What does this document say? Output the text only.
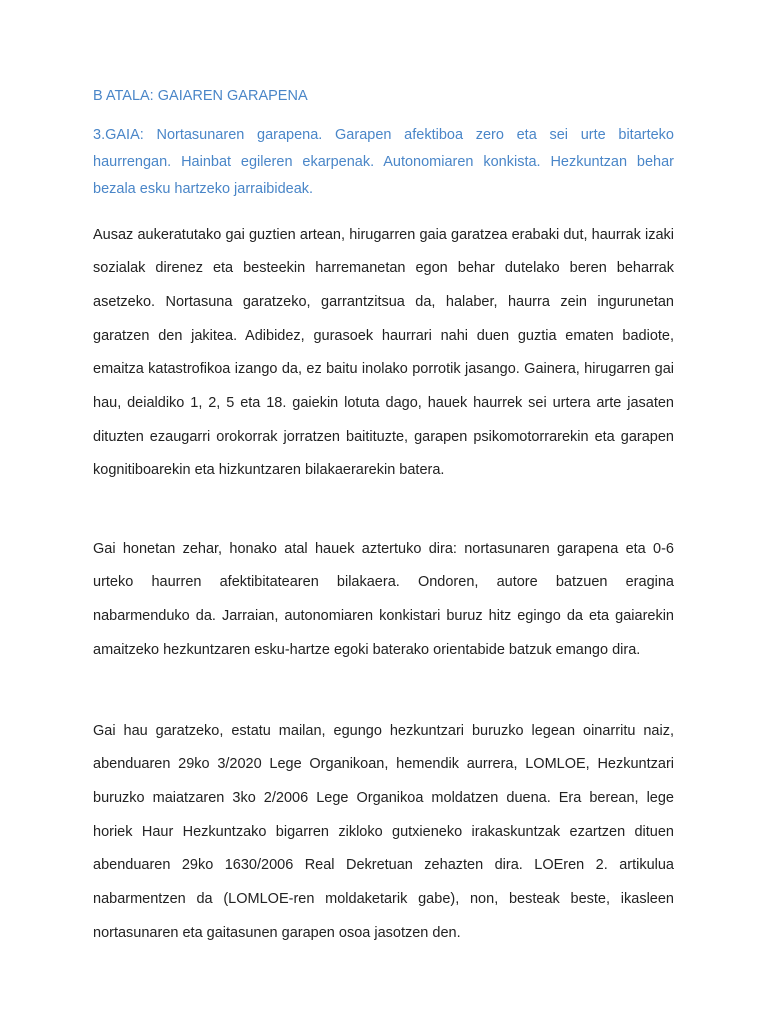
B ATALA: GAIAREN GARAPENA
3.GAIA: Nortasunaren garapena. Garapen afektiboa zero eta sei urte bitarteko haurrengan. Hainbat egileren ekarpenak. Autonomiaren konkista. Hezkuntzan behar bezala esku hartzeko jarraibideak.

Ausaz aukeratutako gai guztien artean, hirugarren gaia garatzea erabaki dut, haurrak izaki sozialak direnez eta besteekin harremanetan egon behar dutelako beren beharrak asetzeko. Nortasuna garatzeko, garrantzitsua da, halaber, haurra zein ingurunetan garatzen den jakitea. Adibidez, gurasoek haurrari nahi duen guztia ematen badiote, emaitza katastrofikoa izango da, ez baitu inolako porrotik jasango. Gainera, hirugarren gai hau, deialdiko 1, 2, 5 eta 18. gaiekin lotuta dago, hauek haurrek sei urtera arte jasaten dituzten ezaugarri orokorrak jorratzen baitituzte, garapen psikomotorrarekin eta garapen kognitiboarekin eta hizkuntzaren bilakaerarekin batera.

Gai honetan zehar, honako atal hauek aztertuko dira: nortasunaren garapena eta 0-6 urteko haurren afektibitatearen bilakaera. Ondoren, autore batzuen eragina nabarmenduko da. Jarraian, autonomiaren konkistari buruz hitz egingo da eta gaiarekin amaitzeko hezkuntzaren esku-hartze egoki baterako orientabide batzuk emango dira.

Gai hau garatzeko, estatu mailan, egungo hezkuntzari buruzko legean oinarritu naiz, abenduaren 29ko 3/2020 Lege Organikoan, hemendik aurrera, LOMLOE, Hezkuntzari buruzko maiatzaren 3ko 2/2006 Lege Organikoa moldatzen duena. Era berean, lege horiek Haur Hezkuntzako bigarren zikloko gutxieneko irakaskuntzak ezartzen dituen abenduaren 29ko 1630/2006 Real Dekretuan zehazten dira. LOEren 2. artikulua nabarmentzen da (LOMLOE-ren moldaketarik gabe), non, besteak beste, ikasleen nortasunaren eta gaitasunen garapen osoa jasotzen den.
